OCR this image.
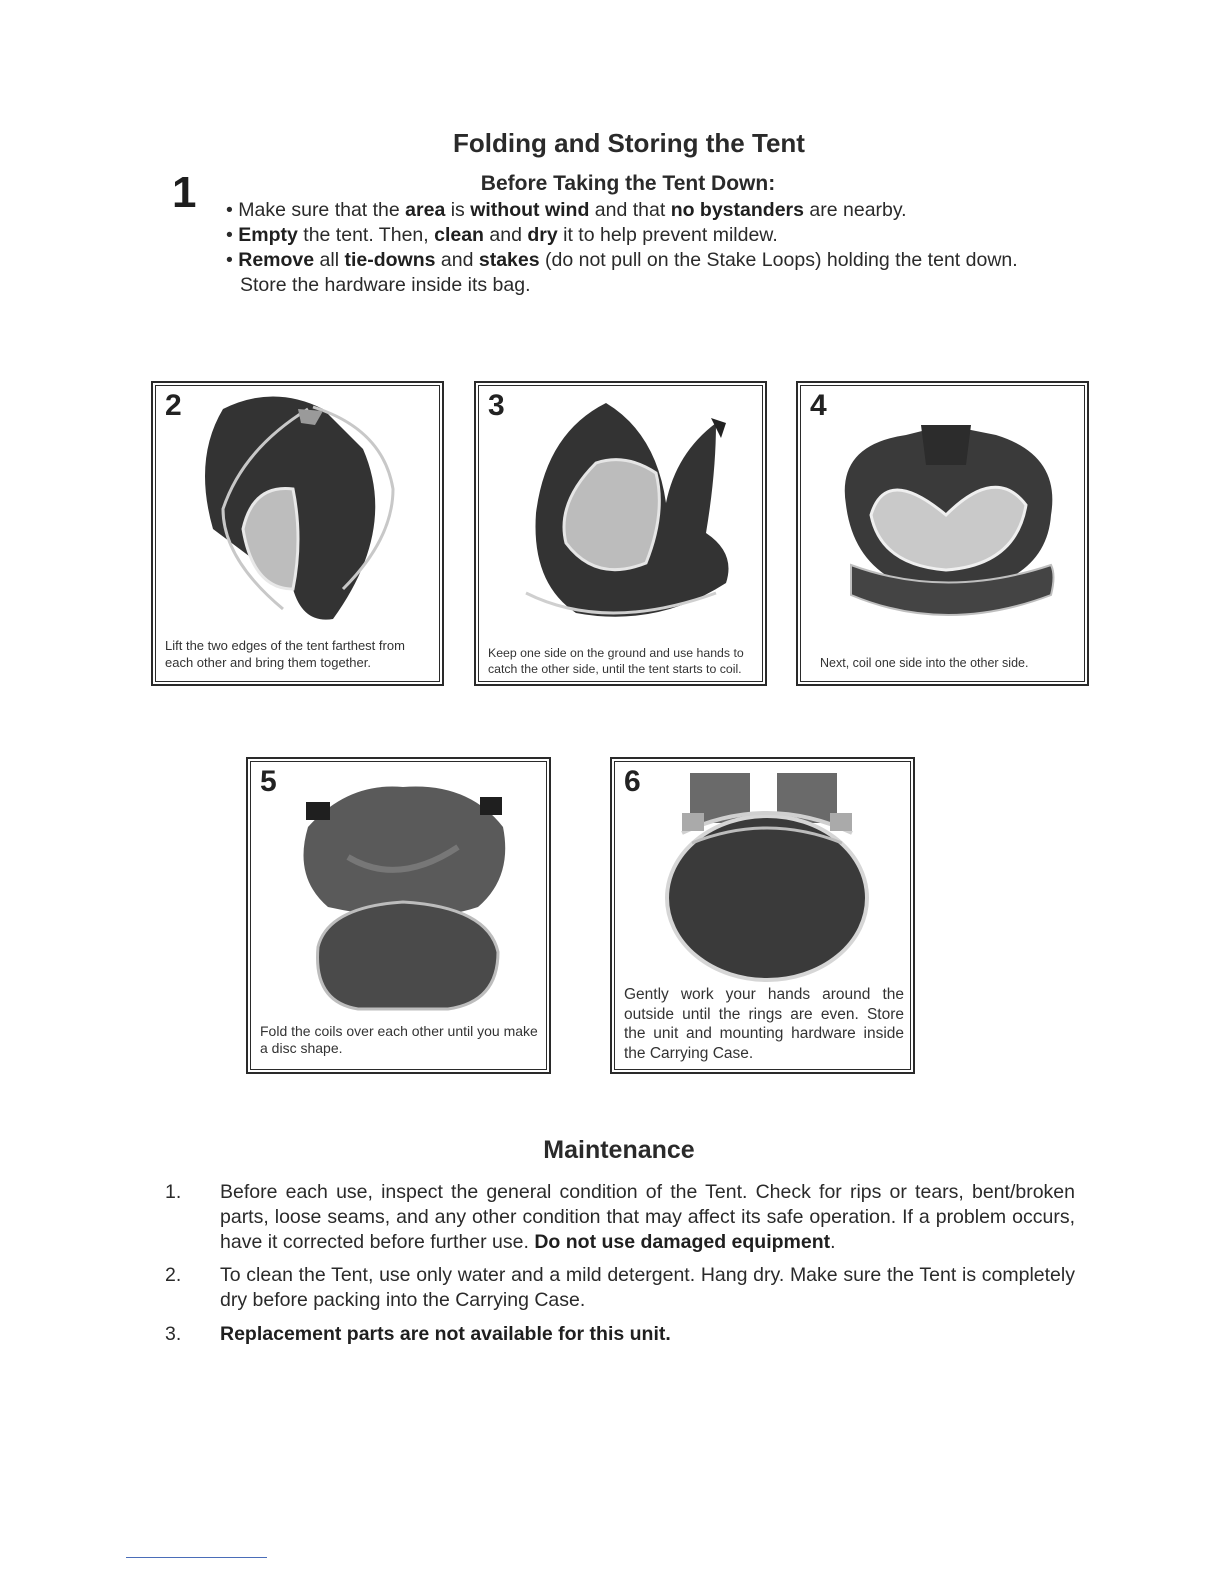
Folding and Storing the Tent
1	Before Taking the Tent Down:

• Make sure that the area is without wind and that no bystanders are nearby.

• Empty the tent. Then, clean and dry it to help prevent mildew.

• Remove all tie-downs and stakes (do not pull on the Stake Loops) holding the tent down.

Store the hardware inside its bag.

2
Lift the two edges of the tent farthest from each other and bring them together.
3
Keep one side on the ground and use hands to catch the other side, until the tent starts to coil.
4
Next, coil one side into the other side.
5
Fold the coils over each other until you make a disc shape.
6
Gently work your hands around the outside until the rings are even. Store the unit and mounting hardware inside the Carrying Case.
Maintenance
1. Before each use, inspect the general condition of the Tent. Check for rips or tears, bent/broken parts, loose seams, and any other condition that may affect its safe operation. If a problem occurs, have it corrected before further use. Do not use damaged equipment.
2. To clean the Tent, use only water and a mild detergent. Hang dry. Make sure the Tent is completely dry before packing into the Carrying Case.
3. Replacement parts are not available for this unit.
